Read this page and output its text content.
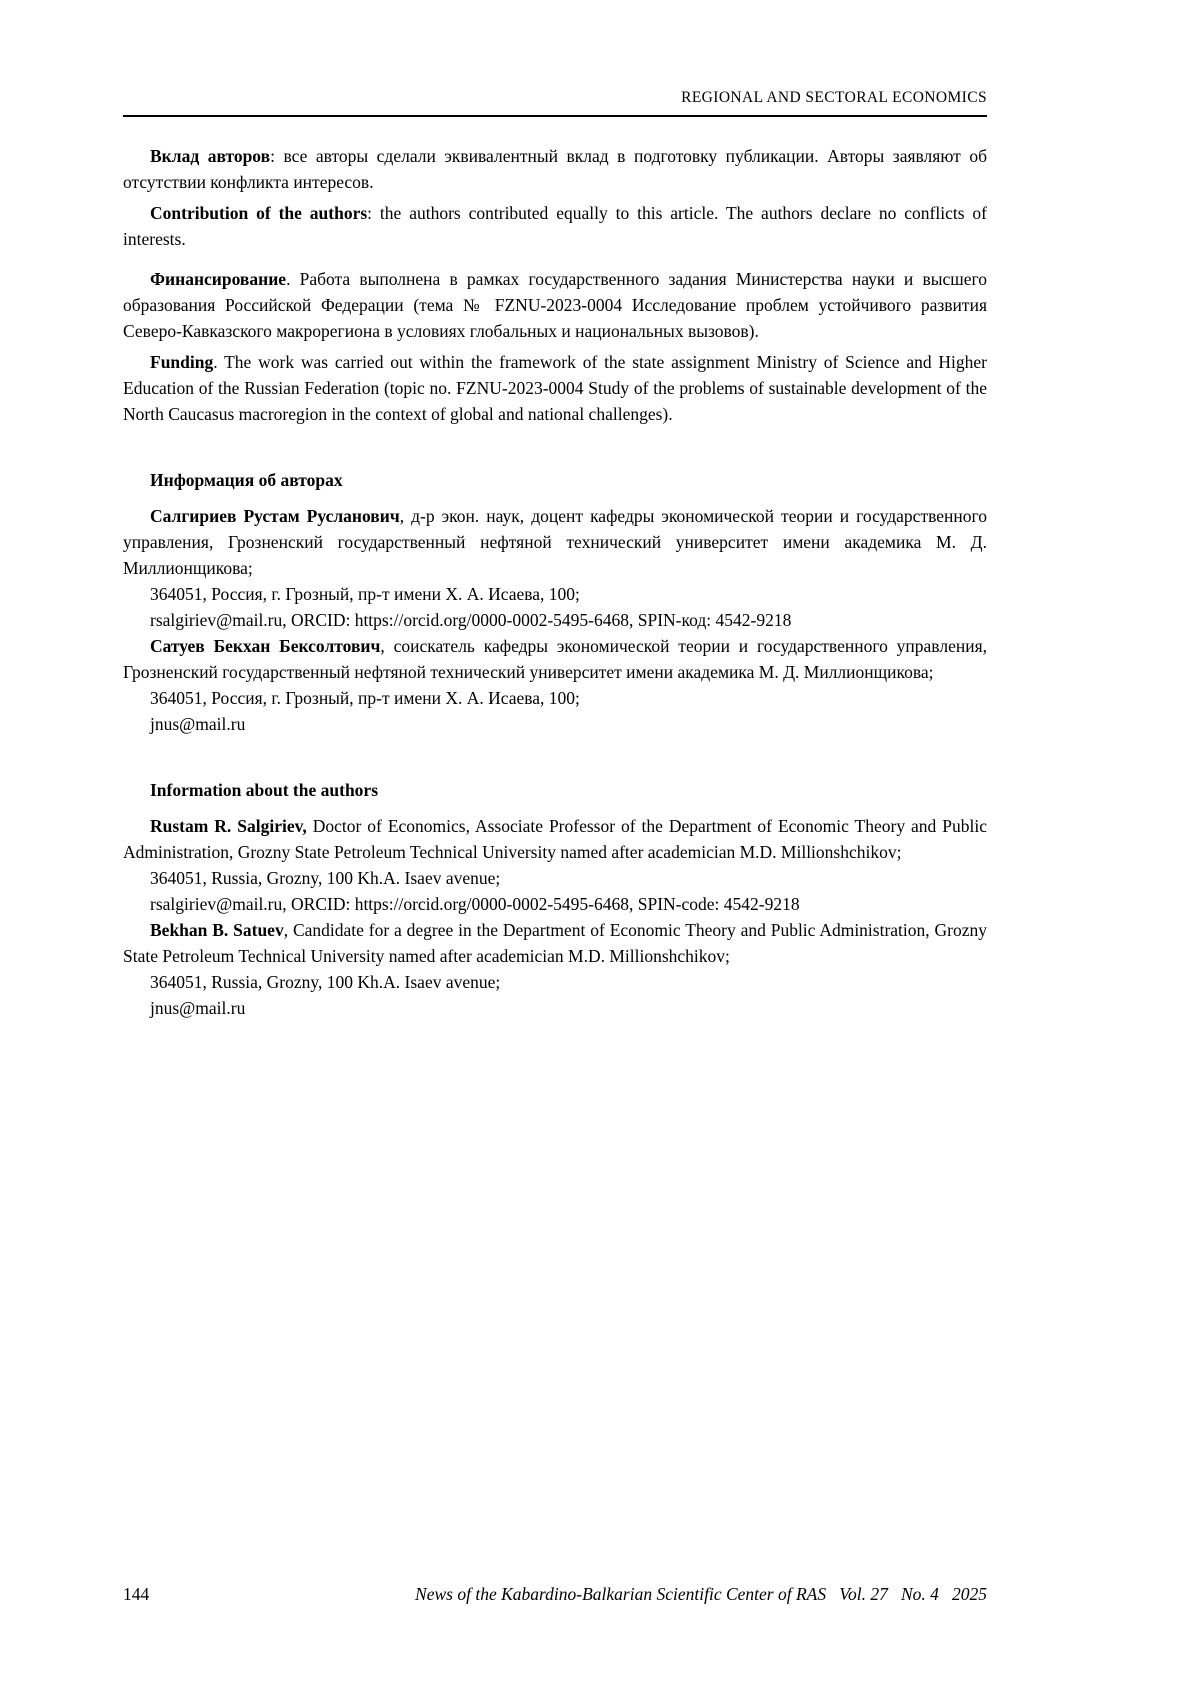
REGIONAL AND SECTORAL ECONOMICS

Вклад авторов: все авторы сделали эквивалентный вклад в подготовку публикации. Авторы заявляют об отсутствии конфликта интересов.

Contribution of the authors: the authors contributed equally to this article. The authors declare no conflicts of interests.

Финансирование. Работа выполнена в рамках государственного задания Министерства науки и высшего образования Российской Федерации (тема № FZNU-2023-0004 Исследование проблем устойчивого развития Северо-Кавказского макрорегиона в условиях глобальных и национальных вызовов).

Funding. The work was carried out within the framework of the state assignment Ministry of Science and Higher Education of the Russian Federation (topic no. FZNU-2023-0004 Study of the problems of sustainable development of the North Caucasus macroregion in the context of global and national challenges).

Информация об авторах

Салгириев Рустам Русланович, д-р экон. наук, доцент кафедры экономической теории и государственного управления, Грозненский государственный нефтяной технический университет имени академика М. Д. Миллионщикова;

364051, Россия, г. Грозный, пр-т имени Х. А. Исаева, 100;

rsalgiriev@mail.ru, ORCID: https://orcid.org/0000-0002-5495-6468, SPIN-код: 4542-9218

Сатуев Бекхан Бексолтович, соискатель кафедры экономической теории и государственного управления, Грозненский государственный нефтяной технический университет имени академика М. Д. Миллионщикова;

364051, Россия, г. Грозный, пр-т имени Х. А. Исаева, 100;

jnus@mail.ru

Information about the authors

Rustam R. Salgiriev, Doctor of Economics, Associate Professor of the Department of Economic Theory and Public Administration, Grozny State Petroleum Technical University named after academician M.D. Millionshchikov;

364051, Russia, Grozny, 100 Kh.A. Isaev avenue;

rsalgiriev@mail.ru, ORCID: https://orcid.org/0000-0002-5495-6468, SPIN-code: 4542-9218

Bekhan B. Satuev, Candidate for a degree in the Department of Economic Theory and Public Administration, Grozny State Petroleum Technical University named after academician M.D. Millionshchikov;

364051, Russia, Grozny, 100 Kh.A. Isaev avenue;

jnus@mail.ru

144	News of the Kabardino-Balkarian Scientific Center of RAS  Vol. 27  No. 4  2025
